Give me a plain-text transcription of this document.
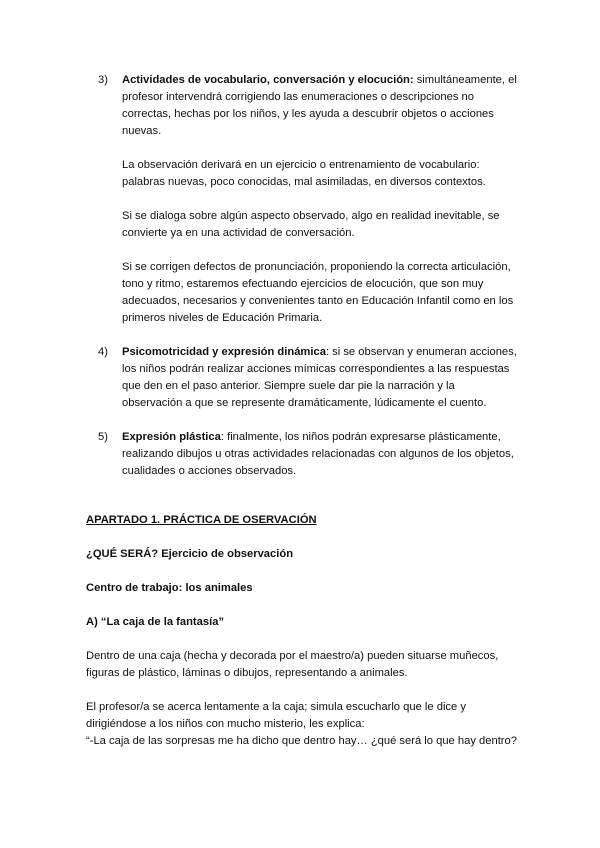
3) Actividades de vocabulario, conversación y elocución: simultáneamente, el profesor intervendrá corrigiendo las enumeraciones o descripciones no correctas, hechas por los niños, y les ayuda a descubrir objetos o acciones nuevas.

La observación derivará en un ejercicio o entrenamiento de vocabulario: palabras nuevas, poco conocidas, mal asimiladas, en diversos contextos.

Si se dialoga sobre algún aspecto observado, algo en realidad inevitable, se convierte ya en una actividad de conversación.

Si se corrigen defectos de pronunciación, proponiendo la correcta articulación, tono y ritmo, estaremos efectuando ejercicios de elocución, que son muy adecuados, necesarios y convenientes tanto en Educación Infantil como en los primeros niveles de Educación Primaria.

4) Psicomotricidad y expresión dinámica: si se observan y enumeran acciones, los niños podrán realizar acciones mímicas correspondientes a las respuestas que den en el paso anterior. Siempre suele dar pie la narración y la observación a que se represente dramáticamente, lúdicamente el cuento.

5) Expresión plástica: finalmente, los niños podrán expresarse plásticamente, realizando dibujos u otras actividades relacionadas con algunos de los objetos, cualidades o acciones observados.

APARTADO 1. PRÁCTICA DE OSERVACIÓN

¿QUÉ SERÁ? Ejercicio de observación

Centro de trabajo: los animales

A) “La caja de la fantasía”

Dentro de una caja (hecha y decorada por el maestro/a) pueden situarse muñecos, figuras de plástico, láminas o dibujos, representando a animales.

El profesor/a se acerca lentamente a la caja; simula escucharlo que le dice y dirigiéndose a los niños con mucho misterio, les explica:

“-La caja de las sorpresas me ha dicho que dentro hay… ¿qué será lo que hay dentro?
